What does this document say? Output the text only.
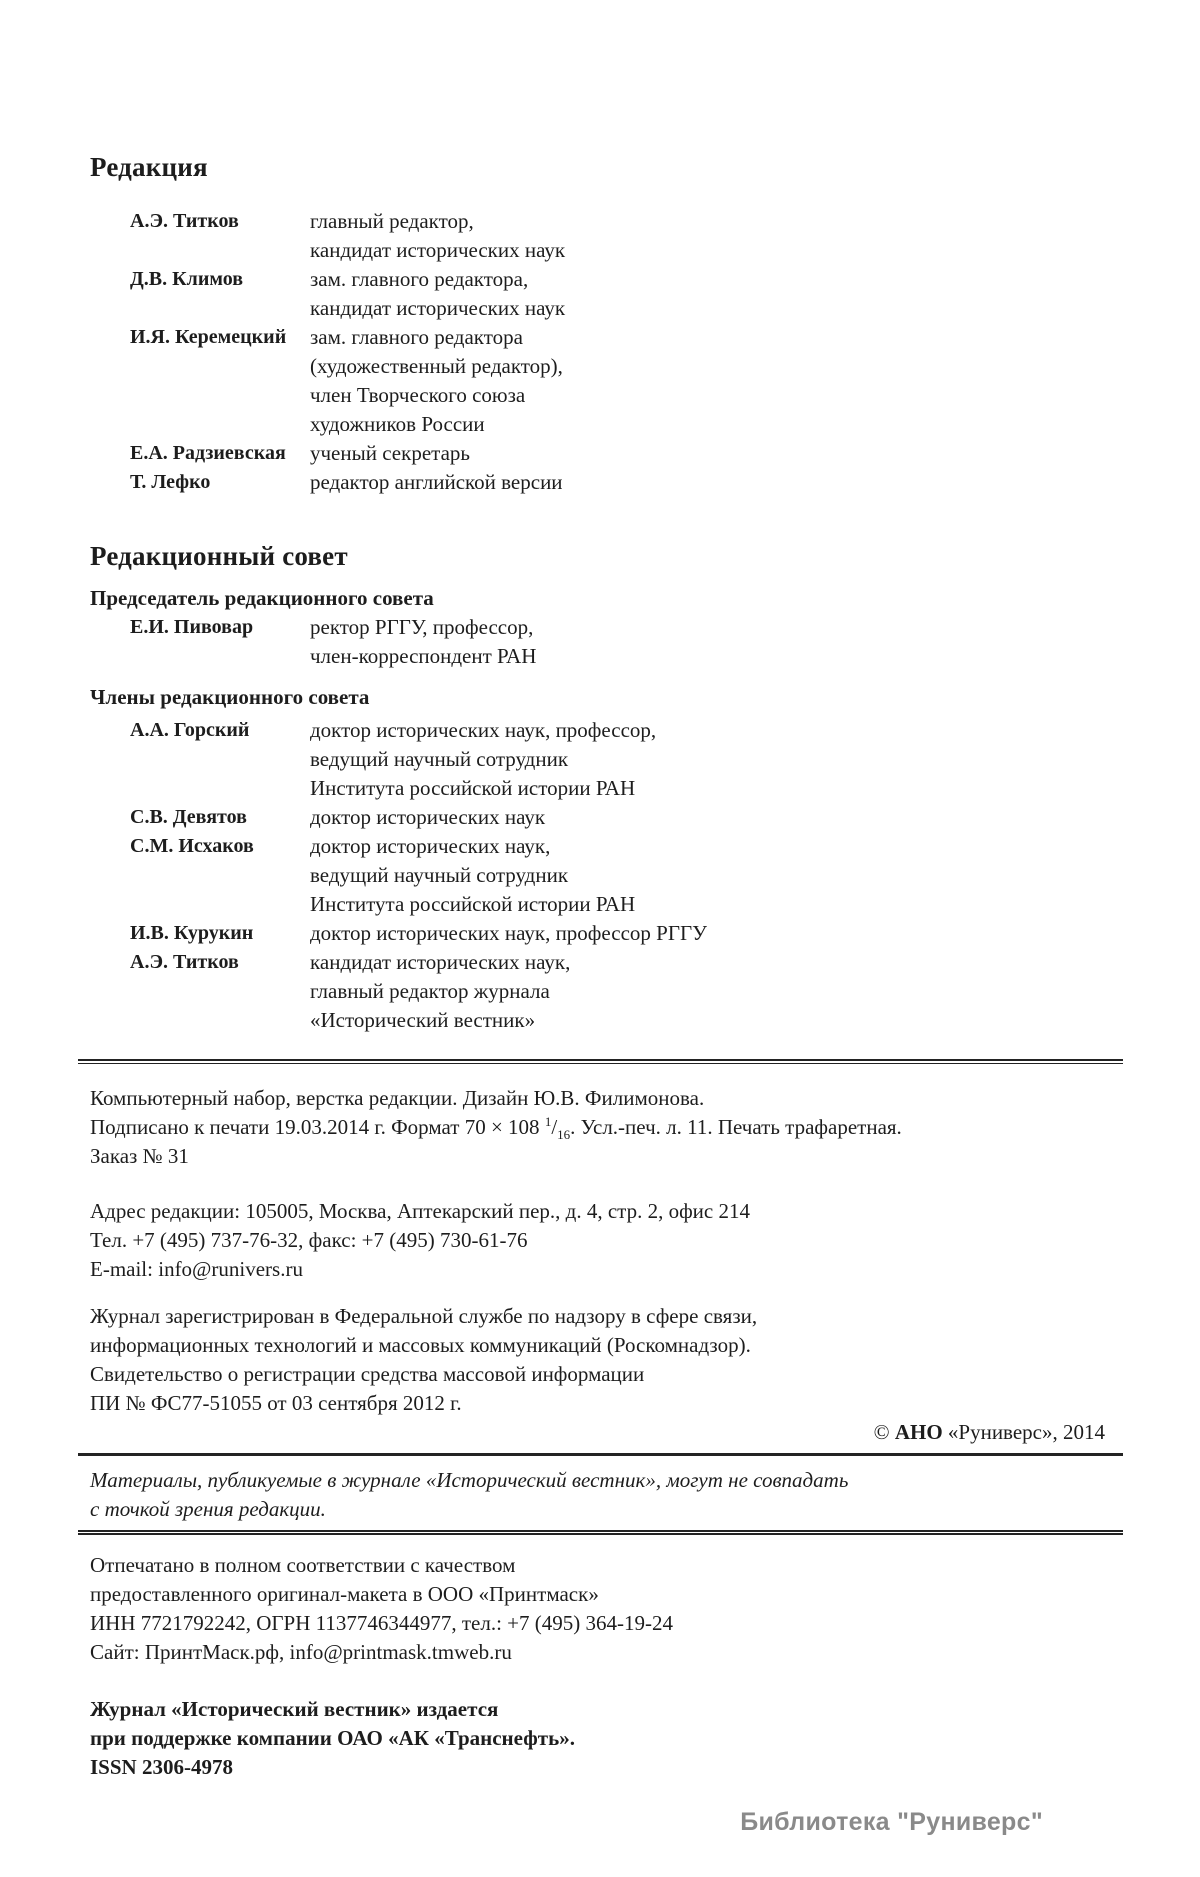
Редакция
А.Э. Титков	главный редактор,
кандидат исторических наук
Д.В. Климов	зам. главного редактора,
кандидат исторических наук
И.Я. Керемецкий	зам. главного редактора
(художественный редактор),
член Творческого союза
художников России
Е.А. Радзиевская	ученый секретарь
Т. Лефко	редактор английской версии
Редакционный совет
Председатель редакционного совета
Е.И. Пивовар	ректор РГГУ, профессор,
член-корреспондент РАН
Члены редакционного совета
А.А. Горский	доктор исторических наук, профессор,
ведущий научный сотрудник
Института российской истории РАН
С.В. Девятов	доктор исторических наук
С.М. Исхаков	доктор исторических наук,
ведущий научный сотрудник
Института российской истории РАН
И.В. Курукин	доктор исторических наук, профессор РГГУ
А.Э. Титков	кандидат исторических наук,
главный редактор журнала
«Исторический вестник»
Компьютерный набор, верстка редакции. Дизайн Ю.В. Филимонова.
Подписано к печати 19.03.2014 г. Формат 70 × 108 $^1/_{16}$. Усл.-печ. л. 11. Печать трафаретная.
Заказ № 31
Адрес редакции: 105005, Москва, Аптекарский пер., д. 4, стр. 2, офис 214
Тел. +7 (495) 737-76-32, факс: +7 (495) 730-61-76
E-mail: info@runivers.ru
Журнал зарегистрирован в Федеральной службе по надзору в сфере связи,
информационных технологий и массовых коммуникаций (Роскомнадзор).
Свидетельство о регистрации средства массовой информации
ПИ № ФС77-51055 от 03 сентября 2012 г.
© АНО «Руниверс», 2014
Материалы, публикуемые в журнале «Исторический вестник», могут не совпадать
с точкой зрения редакции.
Отпечатано в полном соответствии с качеством
предоставленного оригинал-макета в ООО «Принтмаск»
ИНН 7721792242, ОГРН 1137746344977, тел.: +7 (495) 364-19-24
Сайт: ПринтМаск.рф, info@printmask.tmweb.ru
Журнал «Исторический вестник» издается
при поддержке компании ОАО «АК «Транснефть».
ISSN 2306-4978
Библиотека "Руниверс"
